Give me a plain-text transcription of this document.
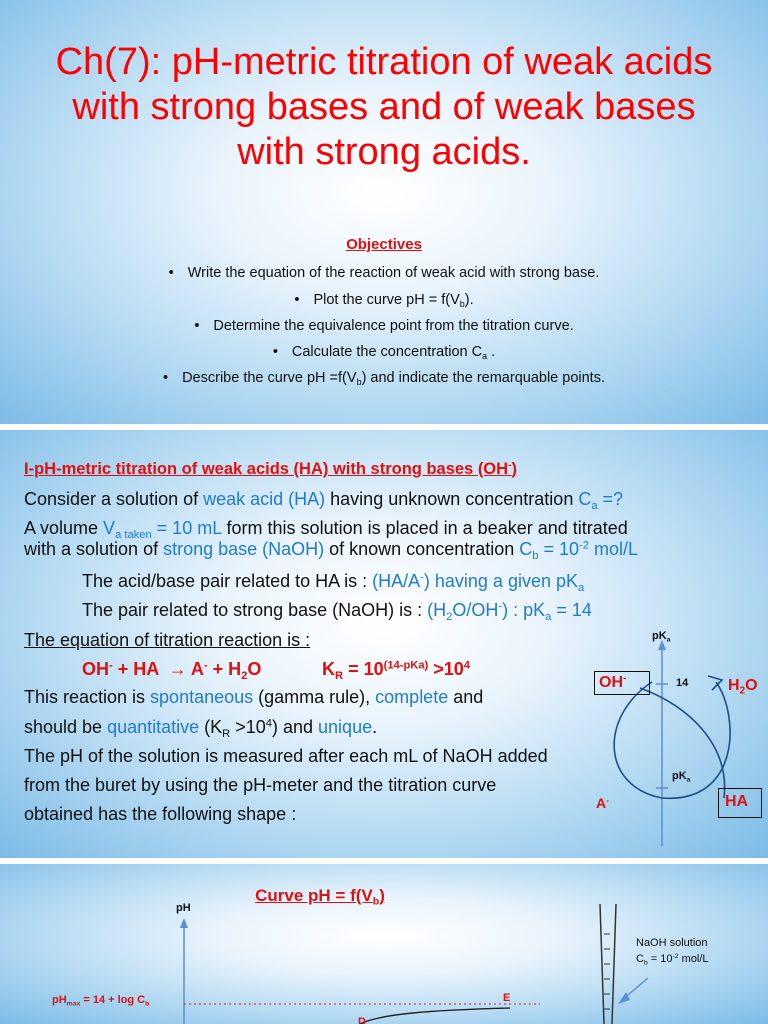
Ch(7): pH-metric titration of weak acids with strong bases and of weak bases with strong acids.
Objectives
• Write the equation of the reaction of weak acid with strong base.
• Plot the curve pH = $f(V_b)$.
• Determine the equivalence point from the titration curve.
• Calculate the concentration $C_a$ .
• Describe the curve pH $=f(V_b)$ and indicate the remarquable points.
I-pH-metric titration of weak acids (HA) with strong bases (OH-)
Consider a solution of weak acid (HA) having unknown concentration $C_a$ =?
A volume $V_{a taken} = 10$ mL form this solution is placed in a beaker and titrated
with a solution of strong base (NaOH) of known concentration $C_b = 10^{-2}$ mol/L
The acid/base pair related to HA is : (HA/A-) having a given $pK_a$
The pair related to strong base (NaOH) is : $(H_2O/OH^-)$ : $pK_a = 14$
The equation of titration reaction is :
OH- + HA  → $A^- + H_2O$	$K_R = 10^{(14-pKa)} >10^4$
This reaction is spontaneous (gamma rule), complete and
should be quantitative $(K_R >10^4)$ and unique.
The pH of the solution is measured after each mL of NaOH added
from the buret by using the pH-meter and the titration curve
obtained has the following shape :
$pK_a$
14
$pK_a$
OH-	$H_2O$
A-	HA
Curve pH = $f(V_b)$
pH
$pH_{max} = 14 + \log C_b$	E
D
NaOH solution
$C_b = 10^{-2}$ mol/L
